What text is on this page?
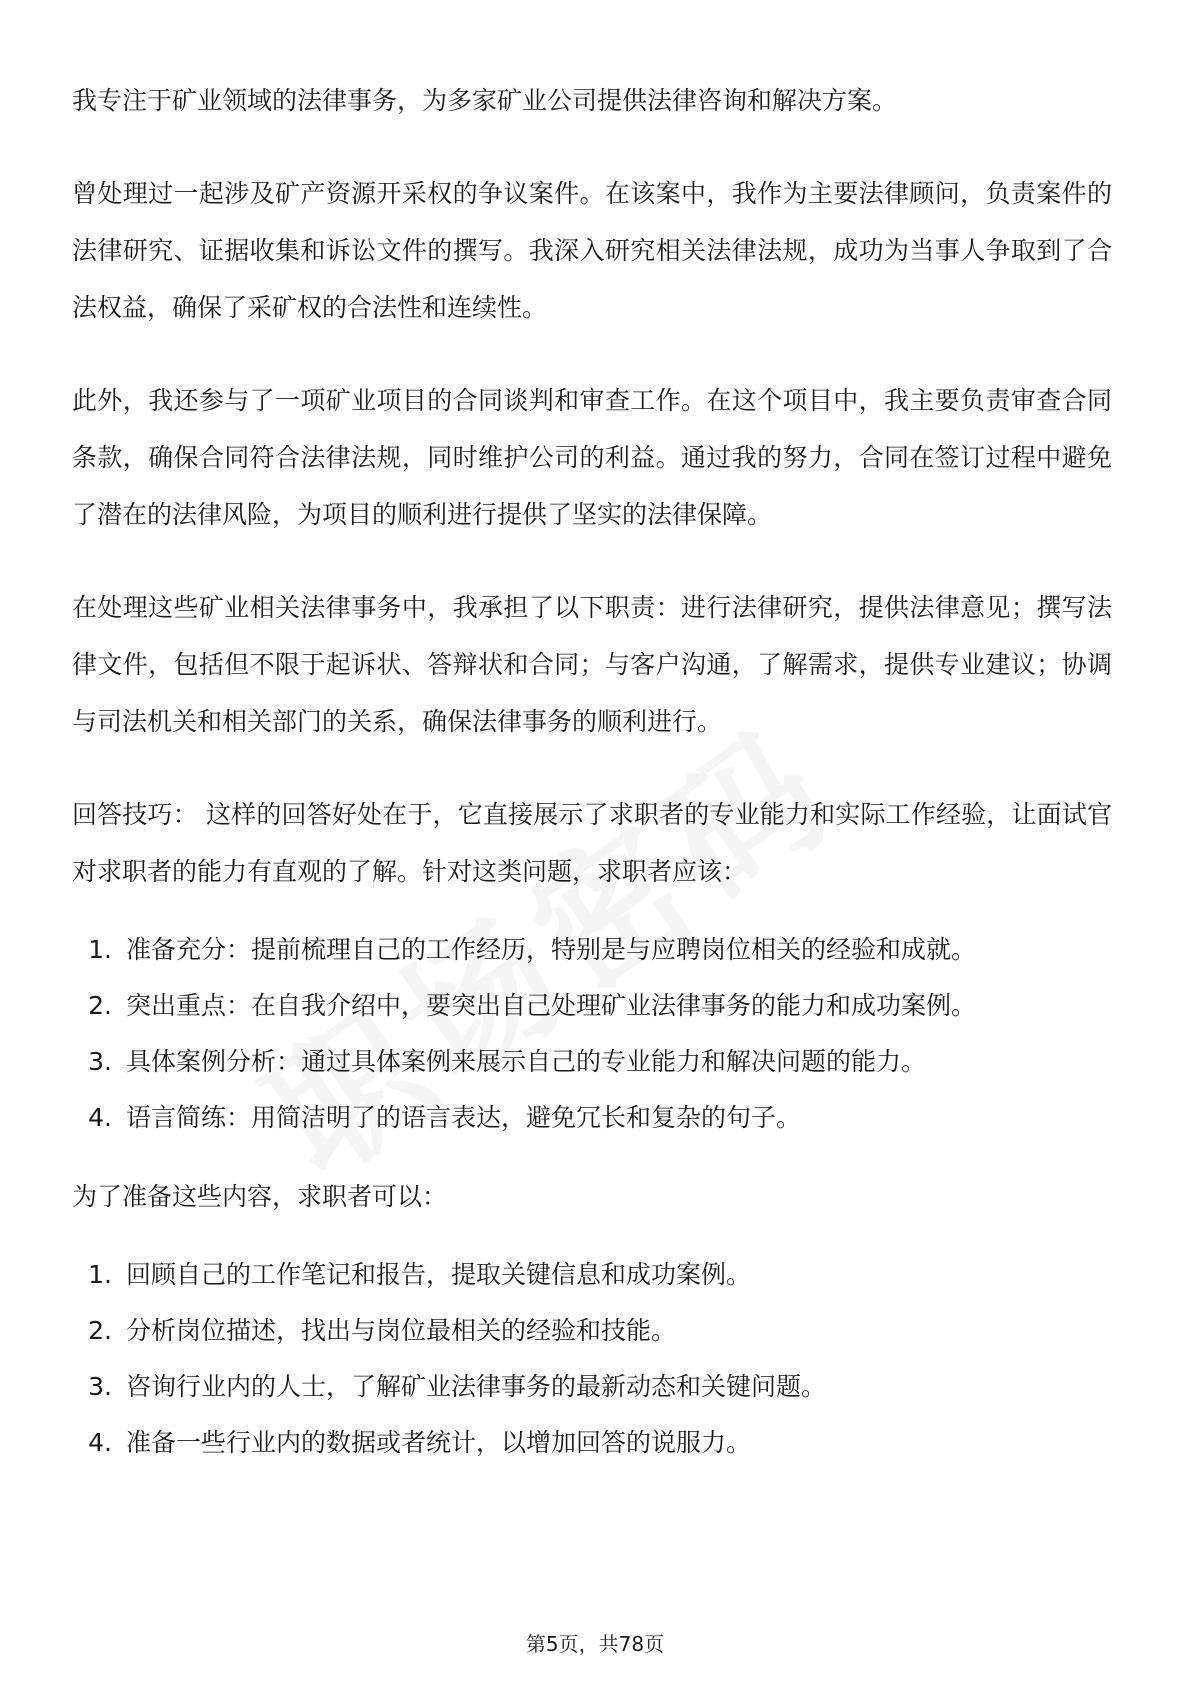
我专注于矿业领域的法律事务，为多家矿业公司提供法律咨询和解决方案。

曾处理过一起涉及矿产资源开采权的争议案件。在该案中，我作为主要法律顾问，负责案件的法律研究、证据收集和诉讼文件的撰写。我深入研究相关法律法规，成功为当事人争取到了合法权益，确保了采矿权的合法性和连续性。

此外，我还参与了一项矿业项目的合同谈判和审查工作。在这个项目中，我主要负责审查合同条款，确保合同符合法律法规，同时维护公司的利益。通过我的努力，合同在签订过程中避免了潜在的法律风险，为项目的顺利进行提供了坚实的法律保障。

在处理这些矿业相关法律事务中，我承担了以下职责：进行法律研究，提供法律意见；撰写法律文件，包括但不限于起诉状、答辩状和合同；与客户沟通，了解需求，提供专业建议；协调与司法机关和相关部门的关系，确保法律事务的顺利进行。

回答技巧： 这样的回答好处在于，它直接展示了求职者的专业能力和实际工作经验，让面试官对求职者的能力有直观的了解。针对这类问题，求职者应该：

1. 准备充分：提前梳理自己的工作经历，特别是与应聘岗位相关的经验和成就。
2. 突出重点：在自我介绍中，要突出自己处理矿业法律事务的能力和成功案例。
3. 具体案例分析：通过具体案例来展示自己的专业能力和解决问题的能力。
4. 语言简练：用简洁明了的语言表达，避免冗长和复杂的句子。

为了准备这些内容，求职者可以：

1. 回顾自己的工作笔记和报告，提取关键信息和成功案例。
2. 分析岗位描述，找出与岗位最相关的经验和技能。
3. 咨询行业内的人士，了解矿业法律事务的最新动态和关键问题。
4. 准备一些行业内的数据或者统计，以增加回答的说服力。
第5页，共78页
